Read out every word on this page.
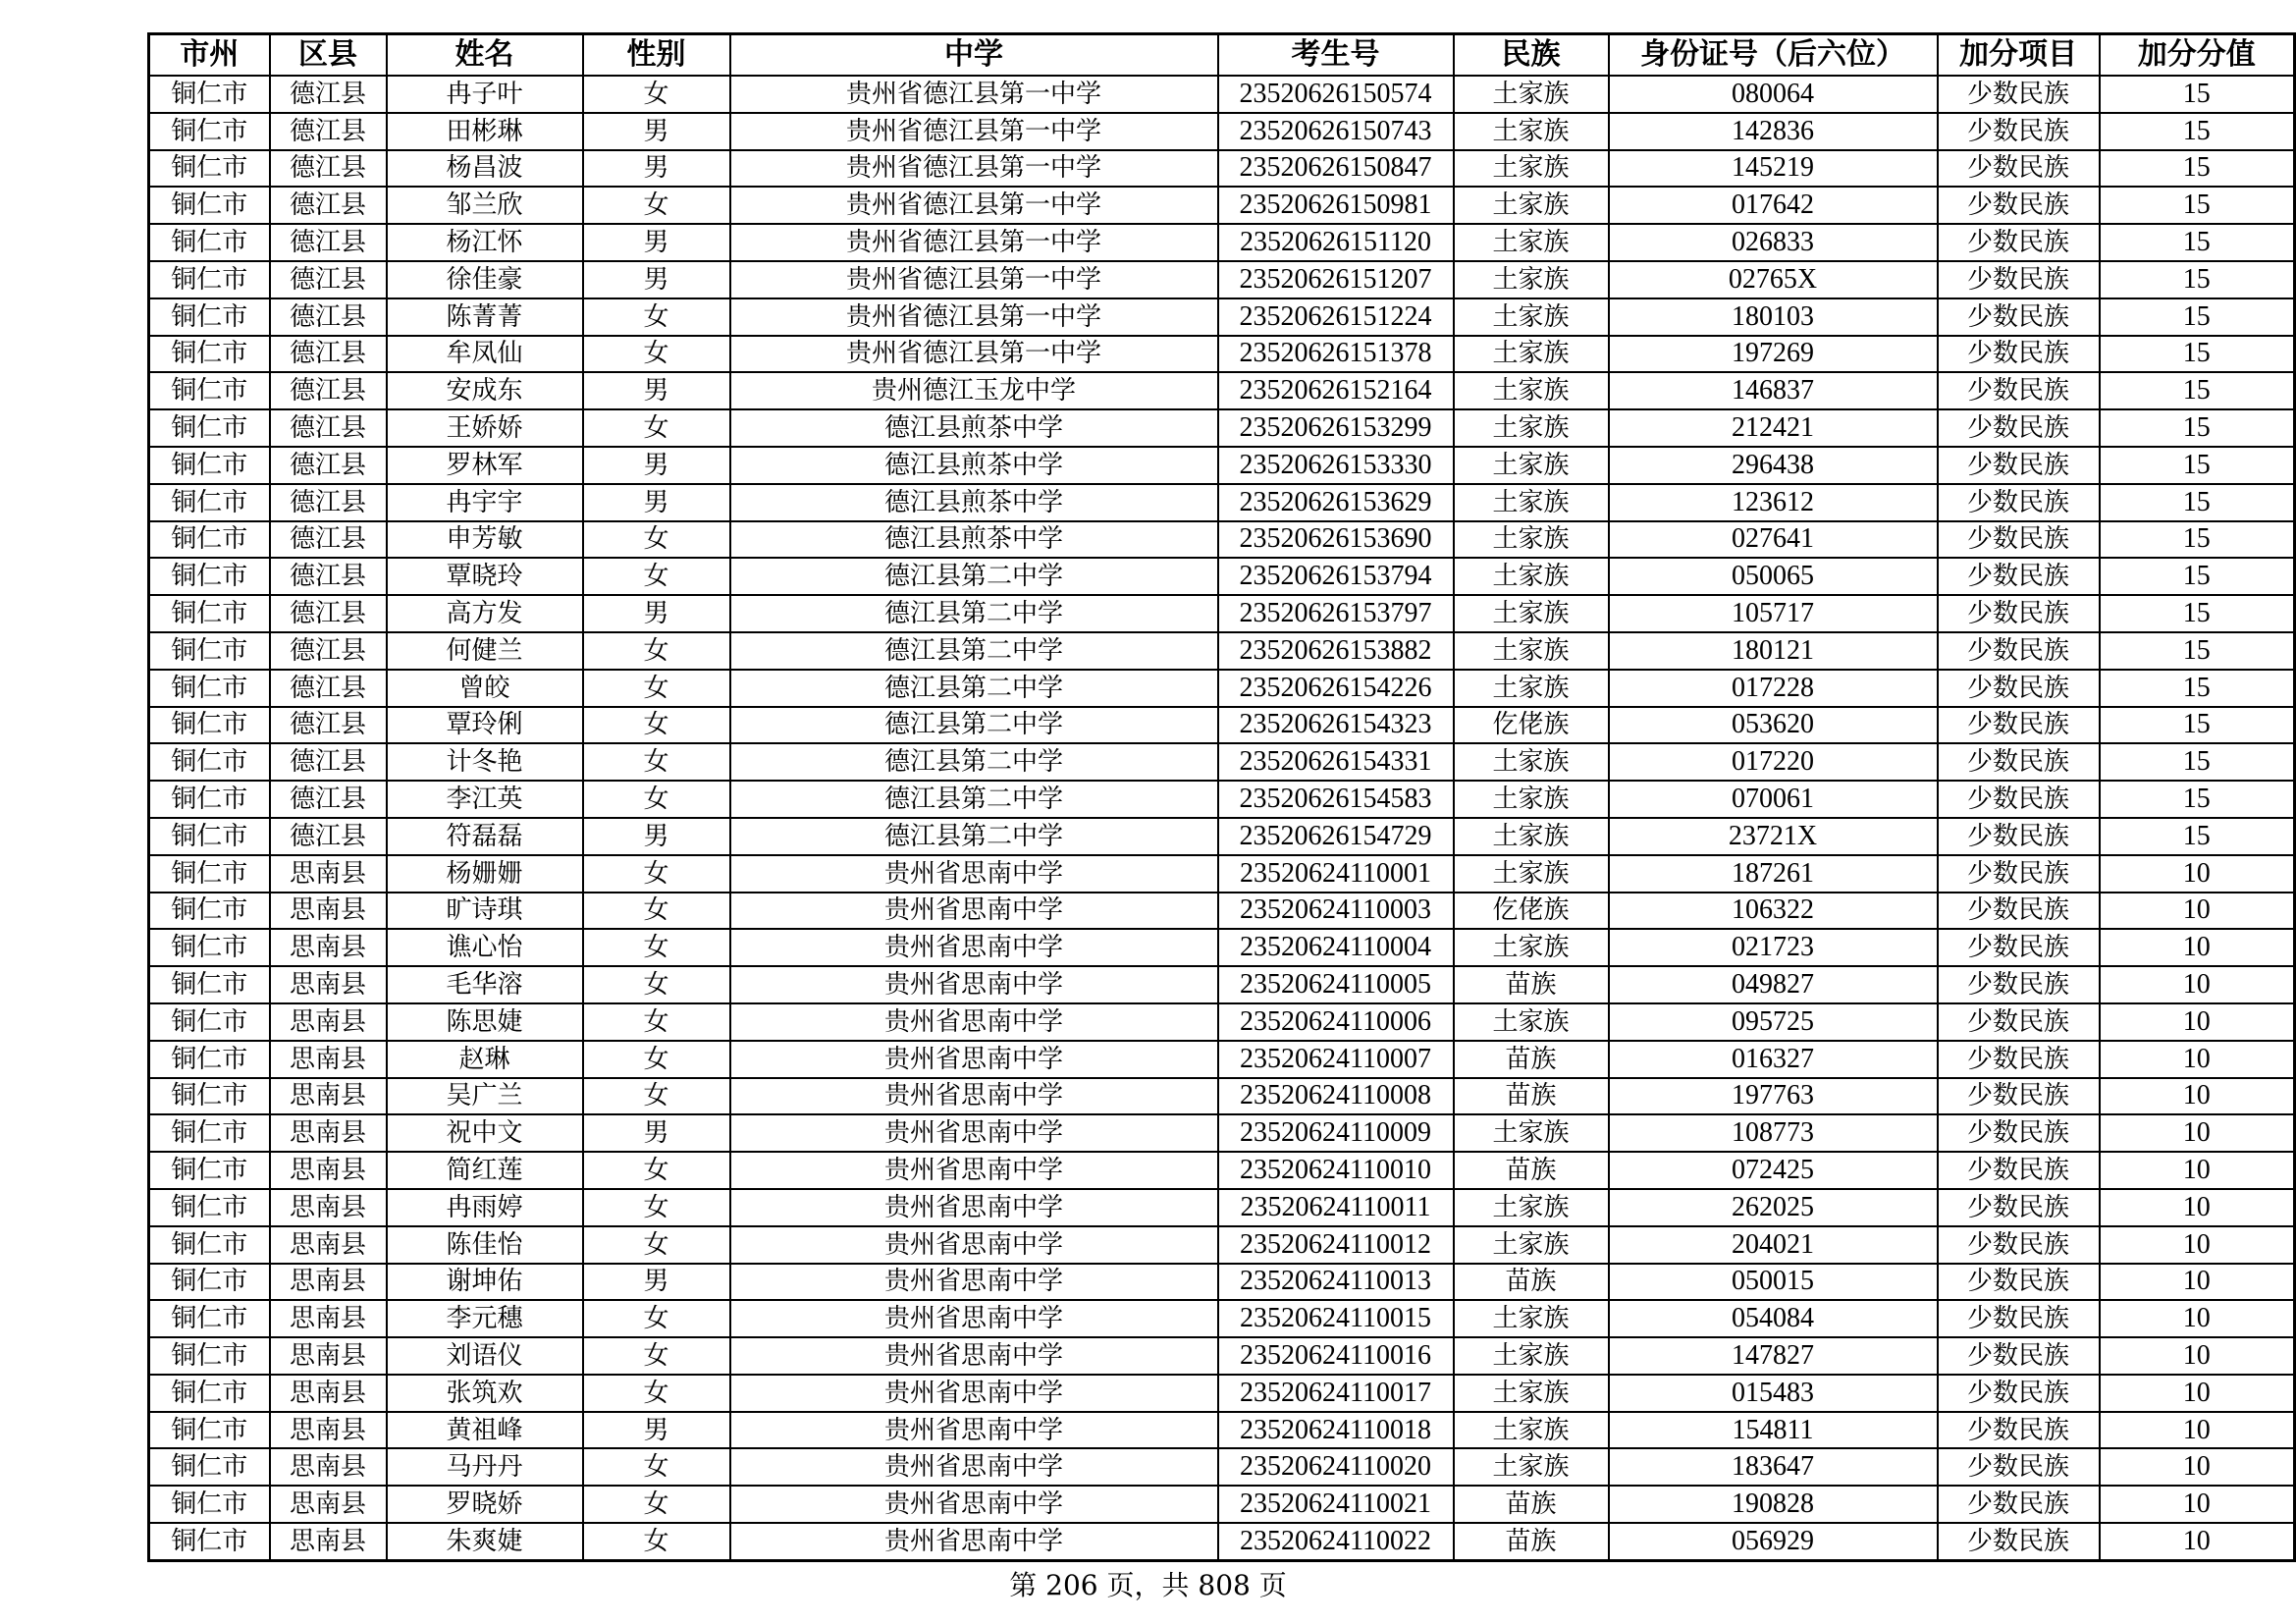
市州	区县	姓名	性别	中学	考生号	民族	身份证号（后六位）	加分项目	加分分值
铜仁市	德江县	冉子叶	女	贵州省德江县第一中学	23520626150574	土家族	080064	少数民族	15
铜仁市	德江县	田彬琳	男	贵州省德江县第一中学	23520626150743	土家族	142836	少数民族	15
铜仁市	德江县	杨昌波	男	贵州省德江县第一中学	23520626150847	土家族	145219	少数民族	15
铜仁市	德江县	邹兰欣	女	贵州省德江县第一中学	23520626150981	土家族	017642	少数民族	15
铜仁市	德江县	杨江怀	男	贵州省德江县第一中学	23520626151120	土家族	026833	少数民族	15
铜仁市	德江县	徐佳豪	男	贵州省德江县第一中学	23520626151207	土家族	02765X	少数民族	15
铜仁市	德江县	陈菁菁	女	贵州省德江县第一中学	23520626151224	土家族	180103	少数民族	15
铜仁市	德江县	牟凤仙	女	贵州省德江县第一中学	23520626151378	土家族	197269	少数民族	15
铜仁市	德江县	安成东	男	贵州德江玉龙中学	23520626152164	土家族	146837	少数民族	15
铜仁市	德江县	王娇娇	女	德江县煎茶中学	23520626153299	土家族	212421	少数民族	15
铜仁市	德江县	罗林军	男	德江县煎茶中学	23520626153330	土家族	296438	少数民族	15
铜仁市	德江县	冉宇宇	男	德江县煎茶中学	23520626153629	土家族	123612	少数民族	15
铜仁市	德江县	申芳敏	女	德江县煎茶中学	23520626153690	土家族	027641	少数民族	15
铜仁市	德江县	覃晓玲	女	德江县第二中学	23520626153794	土家族	050065	少数民族	15
铜仁市	德江县	高方发	男	德江县第二中学	23520626153797	土家族	105717	少数民族	15
铜仁市	德江县	何健兰	女	德江县第二中学	23520626153882	土家族	180121	少数民族	15
铜仁市	德江县	曾皎	女	德江县第二中学	23520626154226	土家族	017228	少数民族	15
铜仁市	德江县	覃玲俐	女	德江县第二中学	23520626154323	仡佬族	053620	少数民族	15
铜仁市	德江县	计冬艳	女	德江县第二中学	23520626154331	土家族	017220	少数民族	15
铜仁市	德江县	李江英	女	德江县第二中学	23520626154583	土家族	070061	少数民族	15
铜仁市	德江县	符磊磊	男	德江县第二中学	23520626154729	土家族	23721X	少数民族	15
铜仁市	思南县	杨姗姗	女	贵州省思南中学	23520624110001	土家族	187261	少数民族	10
铜仁市	思南县	旷诗琪	女	贵州省思南中学	23520624110003	仡佬族	106322	少数民族	10
铜仁市	思南县	谯心怡	女	贵州省思南中学	23520624110004	土家族	021723	少数民族	10
铜仁市	思南县	毛华溶	女	贵州省思南中学	23520624110005	苗族	049827	少数民族	10
铜仁市	思南县	陈思婕	女	贵州省思南中学	23520624110006	土家族	095725	少数民族	10
铜仁市	思南县	赵琳	女	贵州省思南中学	23520624110007	苗族	016327	少数民族	10
铜仁市	思南县	吴广兰	女	贵州省思南中学	23520624110008	苗族	197763	少数民族	10
铜仁市	思南县	祝中文	男	贵州省思南中学	23520624110009	土家族	108773	少数民族	10
铜仁市	思南县	简红莲	女	贵州省思南中学	23520624110010	苗族	072425	少数民族	10
铜仁市	思南县	冉雨婷	女	贵州省思南中学	23520624110011	土家族	262025	少数民族	10
铜仁市	思南县	陈佳怡	女	贵州省思南中学	23520624110012	土家族	204021	少数民族	10
铜仁市	思南县	谢坤佑	男	贵州省思南中学	23520624110013	苗族	050015	少数民族	10
铜仁市	思南县	李元穗	女	贵州省思南中学	23520624110015	土家族	054084	少数民族	10
铜仁市	思南县	刘语仪	女	贵州省思南中学	23520624110016	土家族	147827	少数民族	10
铜仁市	思南县	张筑欢	女	贵州省思南中学	23520624110017	土家族	015483	少数民族	10
铜仁市	思南县	黄祖峰	男	贵州省思南中学	23520624110018	土家族	154811	少数民族	10
铜仁市	思南县	马丹丹	女	贵州省思南中学	23520624110020	土家族	183647	少数民族	10
铜仁市	思南县	罗晓娇	女	贵州省思南中学	23520624110021	苗族	190828	少数民族	10
铜仁市	思南县	朱爽婕	女	贵州省思南中学	23520624110022	苗族	056929	少数民族	10
第 206 页，共 808 页
